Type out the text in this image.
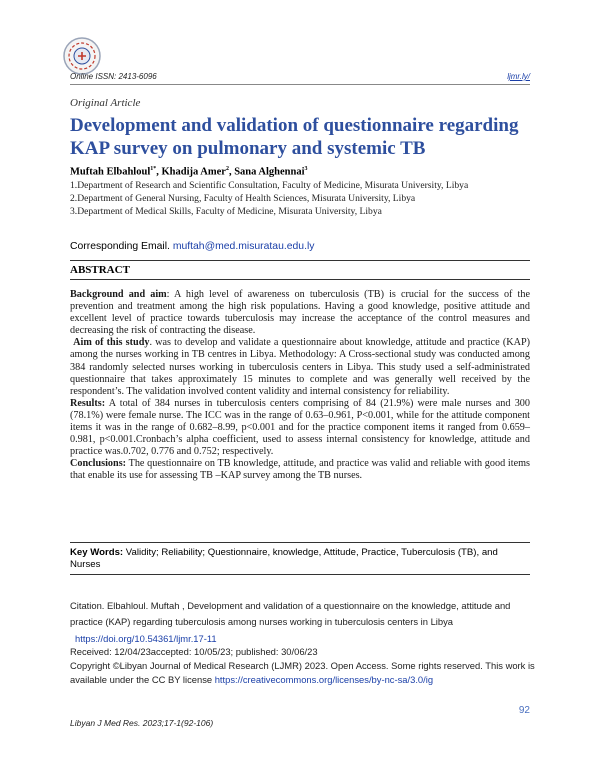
Online ISSN: 2413-6096	ljmr.ly/
Original Article
Development and validation of questionnaire regarding KAP survey on pulmonary and systemic TB
Muftah Elbahloul$^{1*}$, Khadija Amer$^2$, Sana Alghennai$^3$
1.Department of Research and Scientific Consultation, Faculty of Medicine, Misurata University, Libya
2.Department of General Nursing, Faculty of Health Sciences, Misurata University, Libya
3.Department of Medical Skills, Faculty of Medicine, Misurata University, Libya
Corresponding Email. muftah@med.misuratau.edu.ly
ABSTRACT

Background and aim: A high level of awareness on tuberculosis (TB) is crucial for the success of the prevention and treatment among the high risk populations. Having a good knowledge, positive attitude and excellent level of practice towards tuberculosis may increase the acceptance of the control measures and decreasing the risk of contracting the disease.

Aim of this study. was to develop and validate a questionnaire about knowledge, attitude and practice (KAP) among the nurses working in TB centres in Libya. Methodology: A Cross-sectional study was conducted among 384 randomly selected nurses working in tuberculosis centers in Libya. This study used a self-administrated questionnaire that takes approximately 15 minutes to complete and was generally well received by the respondent’s. The validation involved content validity and internal consistency for reliability.

Results: A total of 384 nurses in tuberculosis centers comprising of 84 (21.9%) were male nurses and 300 (78.1%) were female nurse. The ICC was in the range of 0.63–0.961, P<0.001, while for the attitude component items it was in the range of 0.682–8.99, p<0.001 and for the practice component items it ranged from 0.659–0.981, p<0.001.Cronbach’s alpha coefficient, used to assess internal consistency for knowledge, attitude and practice was.0.702, 0.776 and 0.752; respectively.

Conclusions: The questionnaire on TB knowledge, attitude, and practice was valid and reliable with good items that enable its use for assessing TB –KAP survey among the TB nurses.

Key Words: Validity; Reliability; Questionnaire, knowledge, Attitude, Practice, Tuberculosis (TB), and Nurses
Citation. Elbahloul. Muftah , Development and validation of a questionnaire on the knowledge, attitude and practice (KAP) regarding tuberculosis among nurses working in tuberculosis centers in Libya
https://doi.org/10.54361/ljmr.17-11
Received: 12/04/23accepted: 10/05/23; published: 30/06/23
Copyright ©Libyan Journal of Medical Research (LJMR) 2023. Open Access. Some rights reserved. This work is available under the CC BY license https://creativecommons.org/licenses/by-nc-sa/3.0/ig
92
Libyan J Med Res. 2023;17-1(92-106)
